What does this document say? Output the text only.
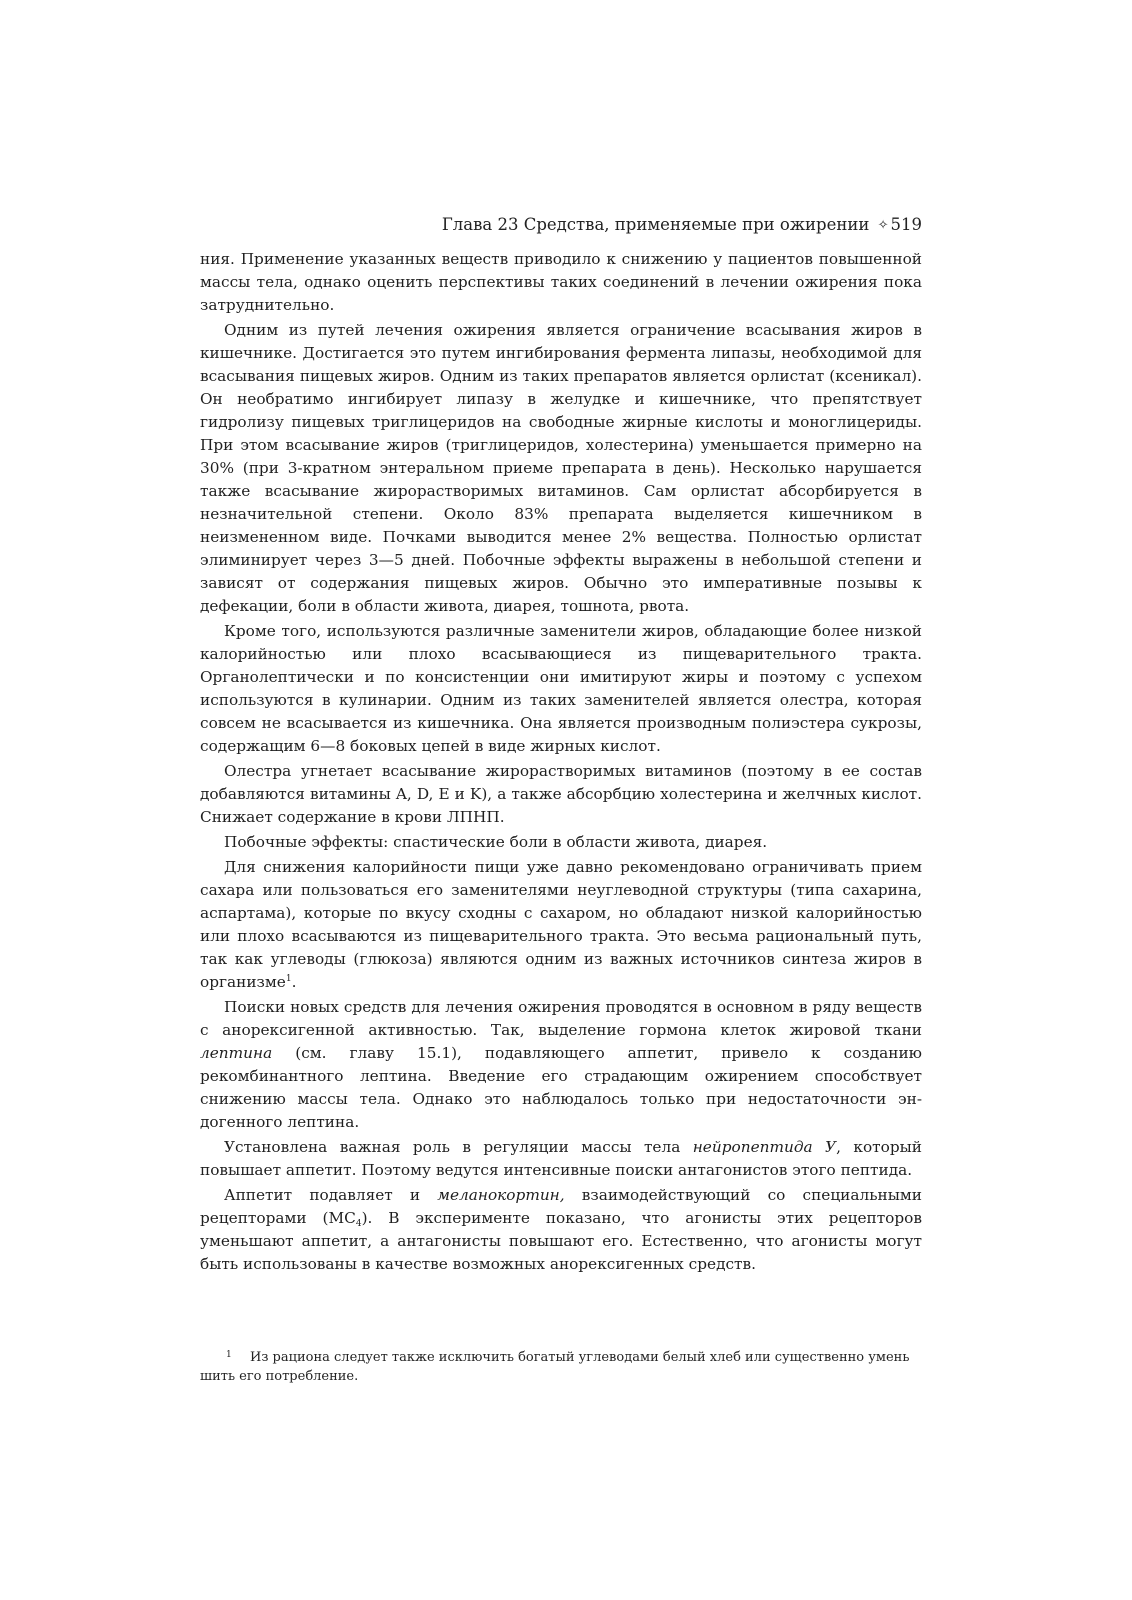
Глава 23 Средства, применяемые при ожирении ✧ 519

ния. Применение указанных веществ приводило к снижению у пациентов повышенной массы тела, однако оценить перспективы таких соединений в лечении ожирения пока затруднительно.

Одним из путей лечения ожирения является ограничение всасывания жиров в кишечнике. Достигается это путем ингибирования фермента липазы, необходимой для всасывания пищевых жиров. Одним из таких препаратов является орлистат (ксеникал). Он необратимо ингибирует липазу в желудке и кишечнике, что препятствует гидролизу пищевых триглицеридов на свободные жирные кислоты и моноглицериды. При этом всасывание жиров (триглицеридов, холестерина) уменьшается примерно на 30% (при 3-кратном энтеральном приеме препарата в день). Несколько нарушается также всасывание жирорастворимых витаминов. Сам орлистат абсорбируется в незначительной степени. Около 83% препарата выделяется кишечником в неизмененном виде. Почками выводится менее 2% вещества. Полностью орлистат элиминирует через 3—5 дней. Побочные эффекты выражены в небольшой степени и зависят от содержания пищевых жиров. Обычно это императивные позывы к дефекации, боли в области живота, диарея, тошнота, рвота.

Кроме того, используются различные заменители жиров, обладающие более низкой калорийностью или плохо всасывающиеся из пищеварительного тракта. Органолептически и по консистенции они имитируют жиры и поэтому с успехом используются в кулинарии. Одним из таких заменителей является олестра, которая совсем не всасывается из кишечника. Она является производным полиэстера сукрозы, содержащим 6—8 боковых цепей в виде жирных кислот.

Олестра угнетает всасывание жирорастворимых витаминов (поэтому в ее состав добавляются витамины A, D, E и K), а также абсорбцию холестерина и желчных кислот. Снижает содержание в крови ЛПНП.

Побочные эффекты: спастические боли в области живота, диарея.

Для снижения калорийности пищи уже давно рекомендовано ограничивать прием сахара или пользоваться его заменителями неуглеводной структуры (типа сахарина, аспартама), которые по вкусу сходны с сахаром, но обладают низкой калорийностью или плохо всасываются из пищеварительного тракта. Это весьма рациональный путь, так как углеводы (глюкоза) являются одним из важных источников синтеза жиров в организме$^1$.

Поиски новых средств для лечения ожирения проводятся в основном в ряду веществ с анорексигенной активностью. Так, выделение гормона клеток жировой ткани лептина (см. главу 15.1), подавляющего аппетит, привело к созданию рекомбинантного лептина. Введение его страдающим ожирением способствует снижению массы тела. Однако это наблюдалось только при недостаточности эндогенного лептина.

Установлена важная роль в регуляции массы тела нейропептида У, который повышает аппетит. Поэтому ведутся интенсивные поиски антагонистов этого пептида.

Аппетит подавляет и меланокортин, взаимодействующий со специальными рецепторами $(МС_4)$. В эксперименте показано, что агонисты этих рецепторов уменьшают аппетит, а антагонисты повышают его. Естественно, что агонисты могут быть использованы в качестве возможных анорексигенных средств.

1 Из рациона следует также исключить богатый углеводами белый хлеб или существенно умень
шить его потребление.
